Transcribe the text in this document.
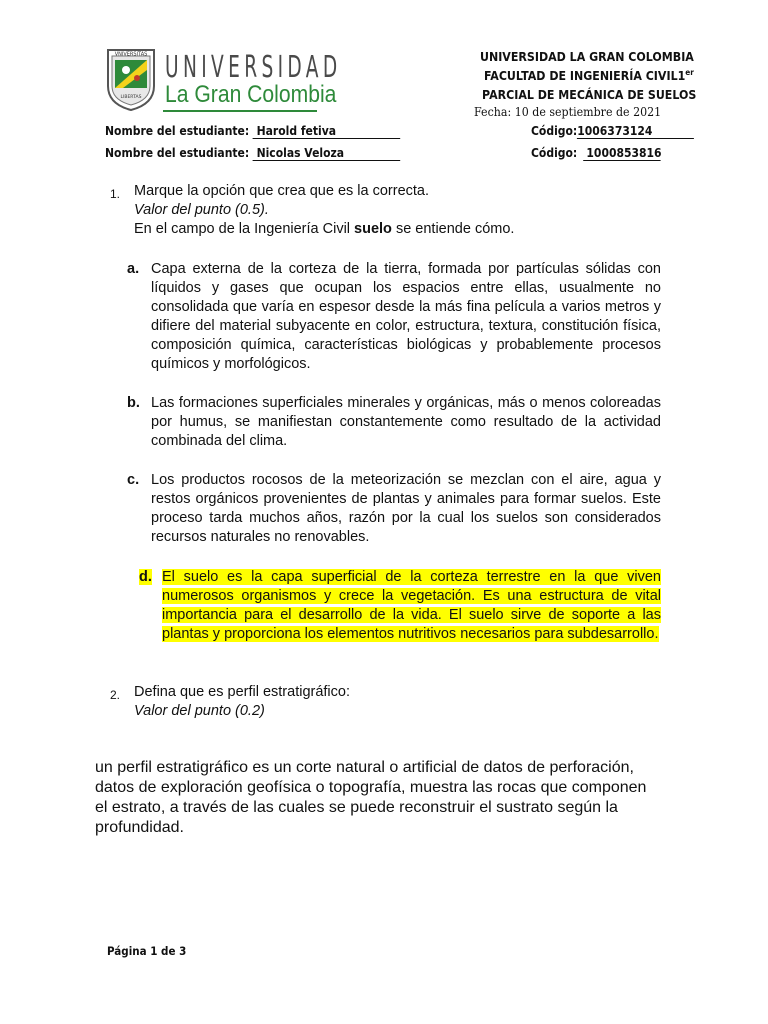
VNIVERSITAS
LIBERTAS
UNIVERSIDAD
La Gran Colombia
UNIVERSIDAD LA GRAN COLOMBIA
FACULTAD DE INGENIERÍA CIVIL1er
PARCIAL DE MECÁNICA DE SUELOS
Fecha: 10 de septiembre de 2021
Nombre del estudiante: Harold fetiva
Nombre del estudiante: Nicolas Veloza
Código:1006373124
Código: 1000853816
1. Marque la opción que crea que es la correcta.
Valor del punto (0.5).
En el campo de la Ingeniería Civil suelo se entiende cómo.
a. Capa externa de la corteza de la tierra, formada por partículas sólidas con líquidos y gases que ocupan los espacios entre ellas, usualmente no consolidada que varía en espesor desde la más fina película a varios metros y difiere del material subyacente en color, estructura, textura, constitución física, composición química, características biológicas y probablemente procesos químicos y morfológicos.
b. Las formaciones superficiales minerales y orgánicas, más o menos coloreadas por humus, se manifiestan constantemente como resultado de la actividad combinada del clima.
c. Los productos rocosos de la meteorización se mezclan con el aire, agua y restos orgánicos provenientes de plantas y animales para formar suelos. Este proceso tarda muchos años, razón por la cual los suelos son considerados recursos naturales no renovables.
d. El suelo es la capa superficial de la corteza terrestre en la que viven numerosos organismos y crece la vegetación. Es una estructura de vital importancia para el desarrollo de la vida. El suelo sirve de soporte a las plantas y proporciona los elementos nutritivos necesarios para subdesarrollo.
2. Defina que es perfil estratigráfico:
Valor del punto (0.2)
un perfil estratigráfico es un corte natural o artificial de datos de perforación, datos de exploración geofísica o topografía, muestra las rocas que componen el estrato, a través de las cuales se puede reconstruir el sustrato según la profundidad.
Página 1 de 3
